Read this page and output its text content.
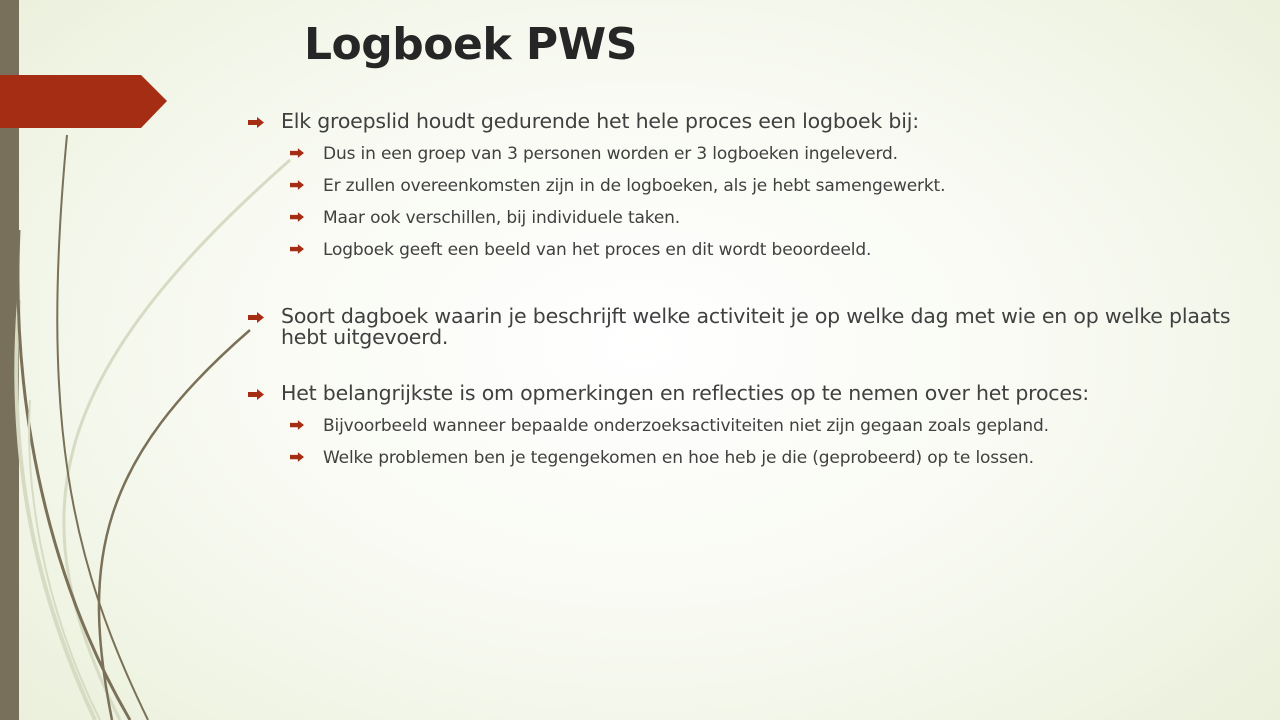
Logboek PWS
Elk groepslid houdt gedurende het hele proces een logboek bij:
Dus in een groep van 3 personen worden er 3 logboeken ingeleverd.
Er zullen overeenkomsten zijn in de logboeken, als je hebt samengewerkt.
Maar ook verschillen, bij individuele taken.
Logboek geeft een beeld van het proces en dit wordt beoordeeld.
Soort dagboek waarin je beschrijft welke activiteit je op welke dag met wie en op welke plaats hebt uitgevoerd.
Het belangrijkste is om opmerkingen en reflecties op te nemen over het proces:
Bijvoorbeeld wanneer bepaalde onderzoeksactiviteiten niet zijn gegaan zoals gepland.
Welke problemen ben je tegengekomen en hoe heb je die (geprobeerd) op te lossen.
